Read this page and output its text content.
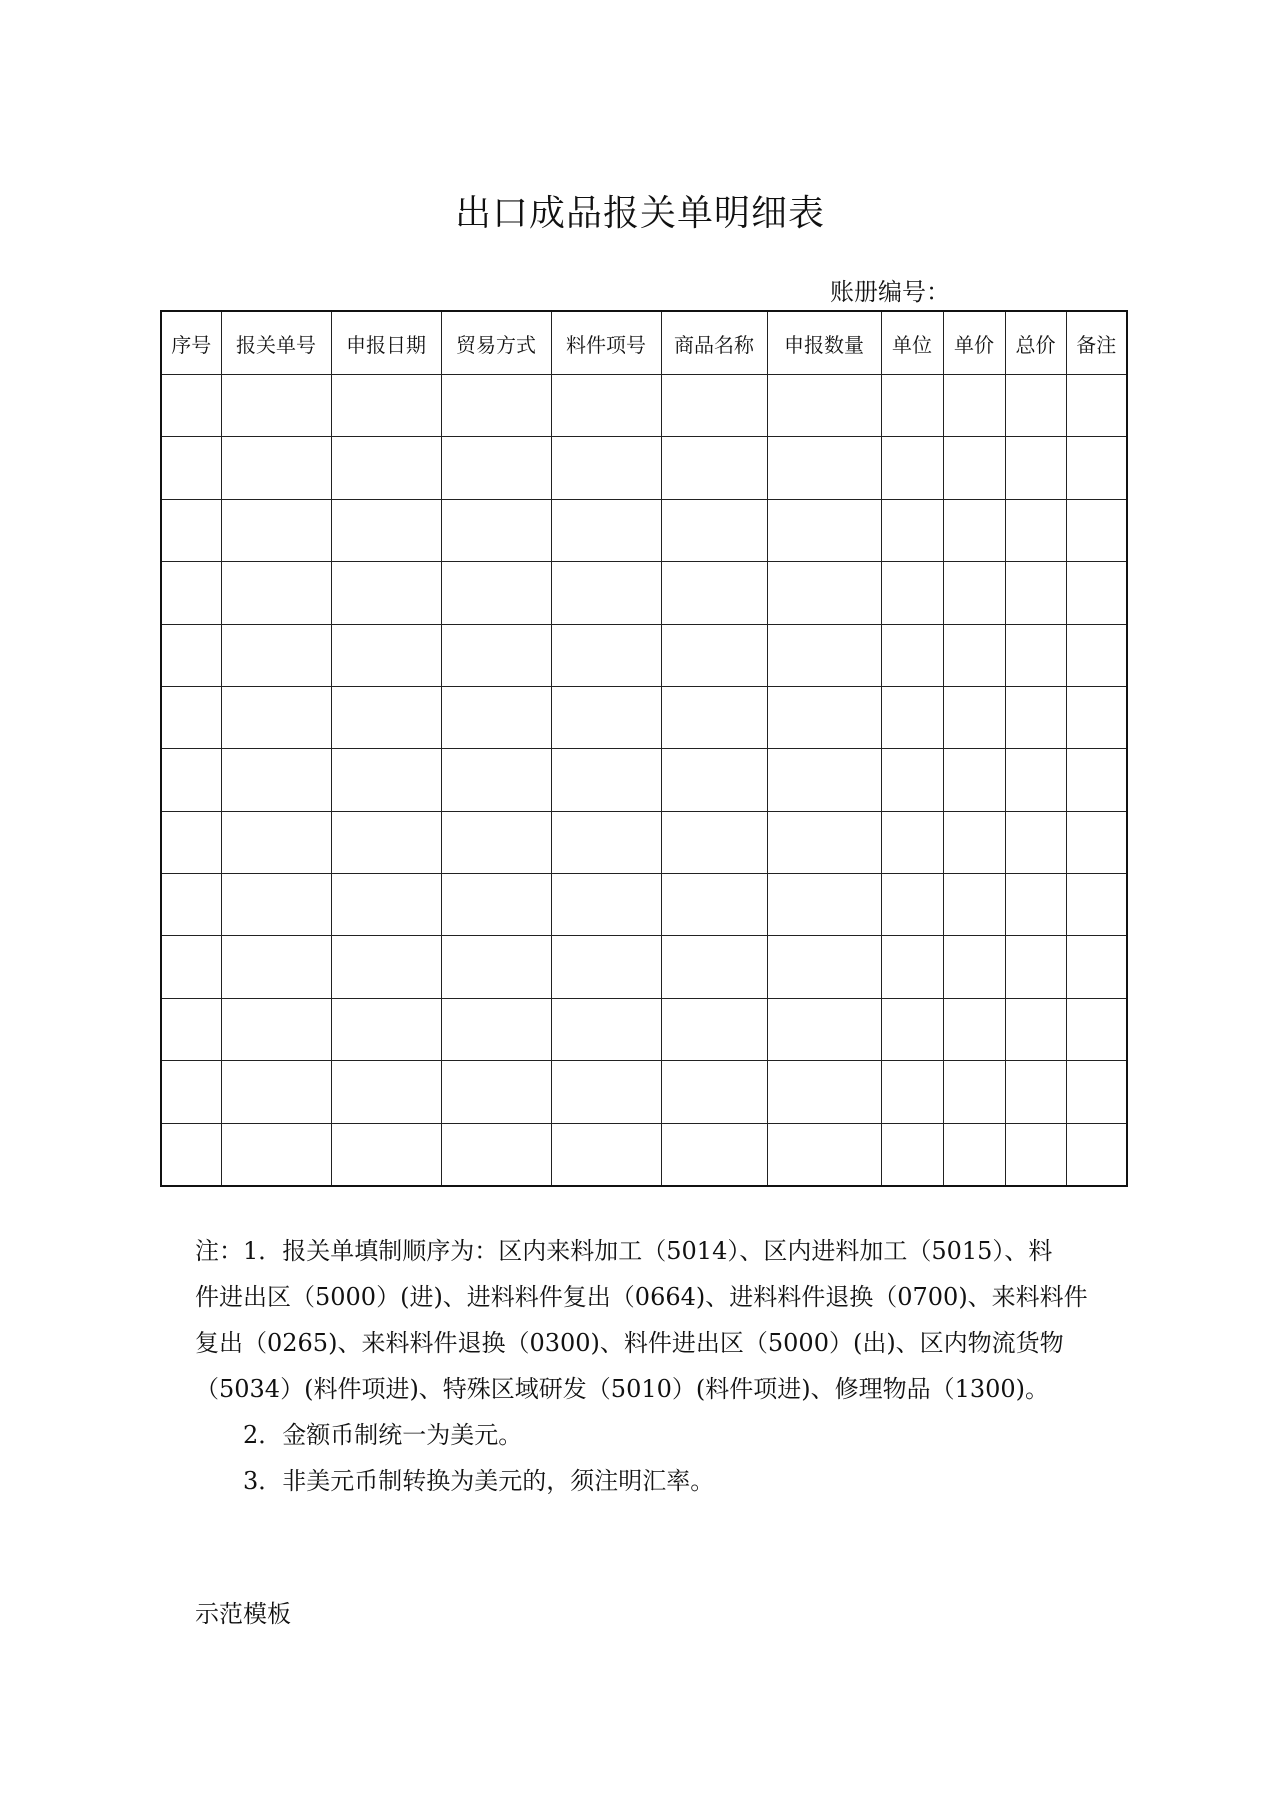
出口成品报关单明细表
账册编号：
序号	报关单号	申报日期	贸易方式	料件项号	商品名称	申报数量	单位	单价	总价	备注

注：1．报关单填制顺序为：区内来料加工（5014）、区内进料加工（5015）、料

件进出区（5000）(进)、进料料件复出（0664)、进料料件退换（0700)、来料料件复出（0265)、来料料件退换（0300)、料件进出区（5000）(出)、区内物流货物（5034）(料件项进)、特殊区域研发（5010）(料件项进)、修理物品（1300)。

2．金额币制统一为美元。

3．非美元币制转换为美元的，须注明汇率。

示范模板
